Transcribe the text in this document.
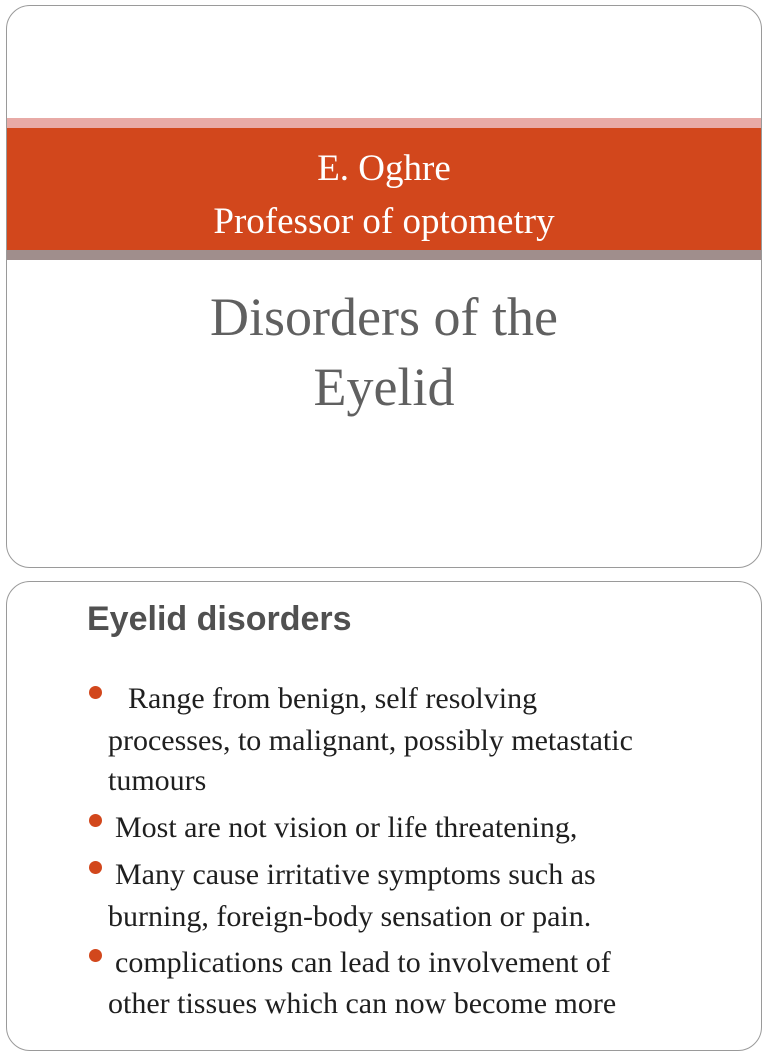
E. Oghre
Professor of optometry
Disorders of the
Eyelid
Eyelid disorders
Range from benign, self resolving
processes, to malignant, possibly metastatic
tumours
Most are not vision or life threatening,
Many cause irritative symptoms such as
burning, foreign-body sensation or pain.
complications can lead to involvement of
other tissues which can now become more
